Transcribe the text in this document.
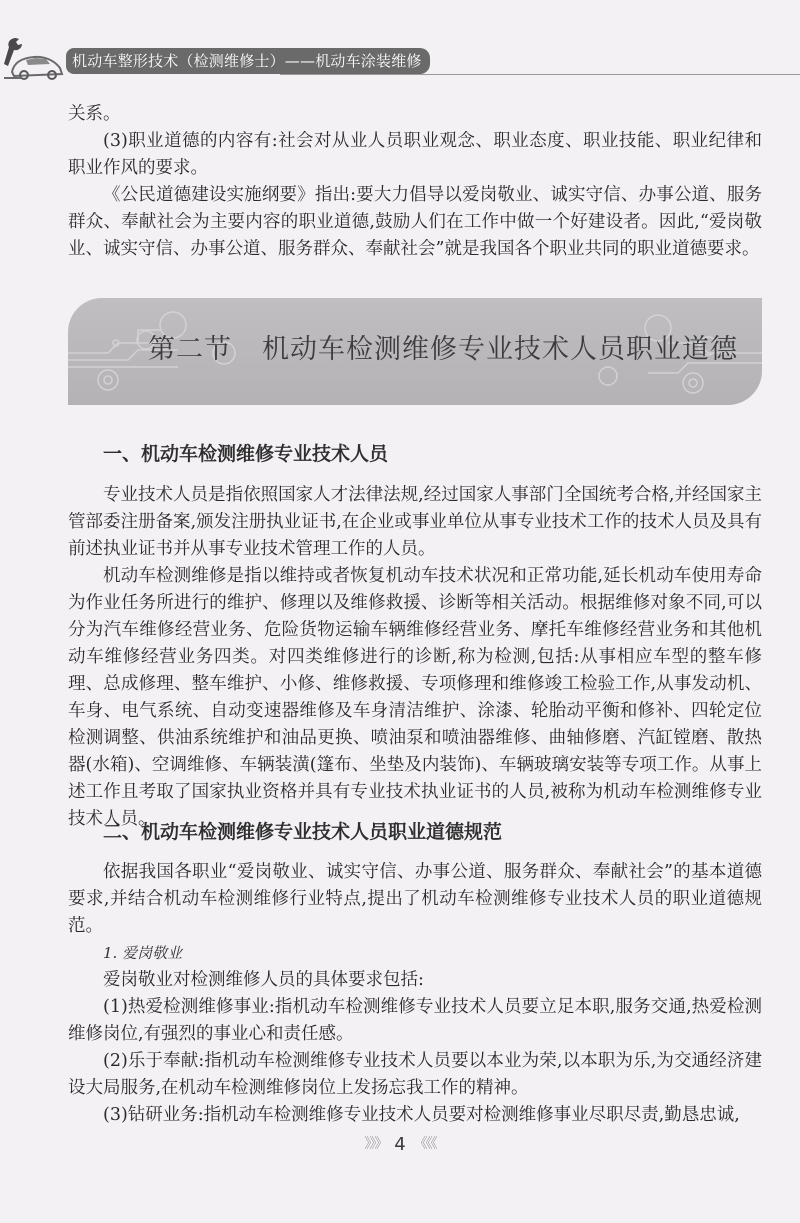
机动车整形技术（检测维修士）——机动车涂装维修
关系。
(3)职业道德的内容有:社会对从业人员职业观念、职业态度、职业技能、职业纪律和职业作风的要求。
《公民道德建设实施纲要》指出:要大力倡导以爱岗敬业、诚实守信、办事公道、服务群众、奉献社会为主要内容的职业道德,鼓励人们在工作中做一个好建设者。因此,“爱岗敬业、诚实守信、办事公道、服务群众、奉献社会”就是我国各个职业共同的职业道德要求。
第二节 机动车检测维修专业技术人员职业道德
一、机动车检测维修专业技术人员
专业技术人员是指依照国家人才法律法规,经过国家人事部门全国统考合格,并经国家主管部委注册备案,颁发注册执业证书,在企业或事业单位从事专业技术工作的技术人员及具有前述执业证书并从事专业技术管理工作的人员。
机动车检测维修是指以维持或者恢复机动车技术状况和正常功能,延长机动车使用寿命为作业任务所进行的维护、修理以及维修救援、诊断等相关活动。根据维修对象不同,可以分为汽车维修经营业务、危险货物运输车辆维修经营业务、摩托车维修经营业务和其他机动车维修经营业务四类。对四类维修进行的诊断,称为检测,包括:从事相应车型的整车修理、总成修理、整车维护、小修、维修救援、专项修理和维修竣工检验工作,从事发动机、车身、电气系统、自动变速器维修及车身清洁维护、涂漆、轮胎动平衡和修补、四轮定位检测调整、供油系统维护和油品更换、喷油泵和喷油器维修、曲轴修磨、汽缸镗磨、散热器(水箱)、空调维修、车辆装潢(篷布、坐垫及内装饰)、车辆玻璃安装等专项工作。从事上述工作且考取了国家执业资格并具有专业技术执业证书的人员,被称为机动车检测维修专业技术人员。
二、机动车检测维修专业技术人员职业道德规范
依据我国各职业“爱岗敬业、诚实守信、办事公道、服务群众、奉献社会”的基本道德要求,并结合机动车检测维修行业特点,提出了机动车检测维修专业技术人员的职业道德规范。
1. 爱岗敬业
爱岗敬业对检测维修人员的具体要求包括:
(1)热爱检测维修事业:指机动车检测维修专业技术人员要立足本职,服务交通,热爱检测维修岗位,有强烈的事业心和责任感。
(2)乐于奉献:指机动车检测维修专业技术人员要以本业为荣,以本职为乐,为交通经济建设大局服务,在机动车检测维修岗位上发扬忘我工作的精神。
(3)钻研业务:指机动车检测维修专业技术人员要对检测维修事业尽职尽责,勤恳忠诚,
》》》 4 《《《
